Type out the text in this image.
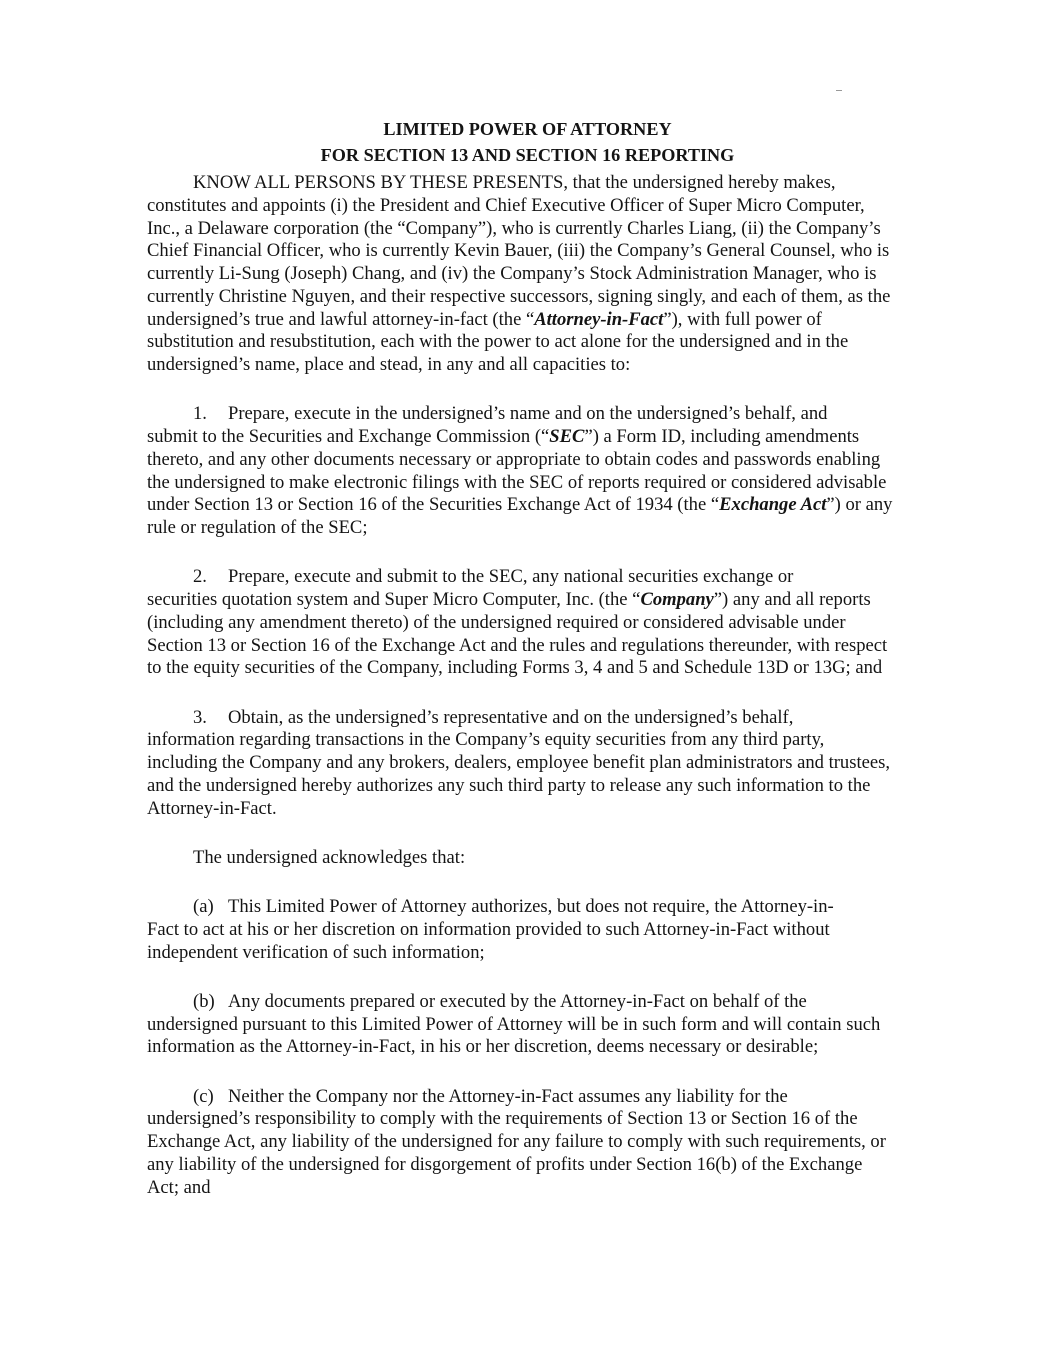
LIMITED POWER OF ATTORNEY
FOR SECTION 13 AND SECTION 16 REPORTING
KNOW ALL PERSONS BY THESE PRESENTS, that the undersigned hereby makes,
constitutes and appoints (i) the President and Chief Executive Officer of Super Micro Computer,
Inc., a Delaware corporation (the “Company”), who is currently Charles Liang, (ii) the Company’s
Chief Financial Officer, who is currently Kevin Bauer, (iii) the Company’s General Counsel, who is
currently Li-Sung (Joseph) Chang, and (iv) the Company’s Stock Administration Manager, who is
currently Christine Nguyen, and their respective successors, signing singly, and each of them, as the
undersigned’s true and lawful attorney-in-fact (the “Attorney-in-Fact”), with full power of
substitution and resubstitution, each with the power to act alone for the undersigned and in the
undersigned’s name, place and stead, in any and all capacities to:
1.	Prepare, execute in the undersigned’s name and on the undersigned’s behalf, and
submit to the Securities and Exchange Commission (“SEC”) a Form ID, including amendments
thereto, and any other documents necessary or appropriate to obtain codes and passwords enabling
the undersigned to make electronic filings with the SEC of reports required or considered advisable
under Section 13 or Section 16 of the Securities Exchange Act of 1934 (the “Exchange Act”) or any
rule or regulation of the SEC;
2.	Prepare, execute and submit to the SEC, any national securities exchange or
securities quotation system and Super Micro Computer, Inc. (the “Company”) any and all reports
(including any amendment thereto) of the undersigned required or considered advisable under
Section 13 or Section 16 of the Exchange Act and the rules and regulations thereunder, with respect
to the equity securities of the Company, including Forms 3, 4 and 5 and Schedule 13D or 13G; and
3.	Obtain, as the undersigned’s representative and on the undersigned’s behalf,
information regarding transactions in the Company’s equity securities from any third party,
including the Company and any brokers, dealers, employee benefit plan administrators and trustees,
and the undersigned hereby authorizes any such third party to release any such information to the
Attorney-in-Fact.
The undersigned acknowledges that:
(a) This Limited Power of Attorney authorizes, but does not require, the Attorney-in-
Fact to act at his or her discretion on information provided to such Attorney-in-Fact without
independent verification of such information;
(b) Any documents prepared or executed by the Attorney-in-Fact on behalf of the
undersigned pursuant to this Limited Power of Attorney will be in such form and will contain such
information as the Attorney-in-Fact, in his or her discretion, deems necessary or desirable;
(c) Neither the Company nor the Attorney-in-Fact assumes any liability for the
undersigned’s responsibility to comply with the requirements of Section 13 or Section 16 of the
Exchange Act, any liability of the undersigned for any failure to comply with such requirements, or
any liability of the undersigned for disgorgement of profits under Section 16(b) of the Exchange
Act; and
